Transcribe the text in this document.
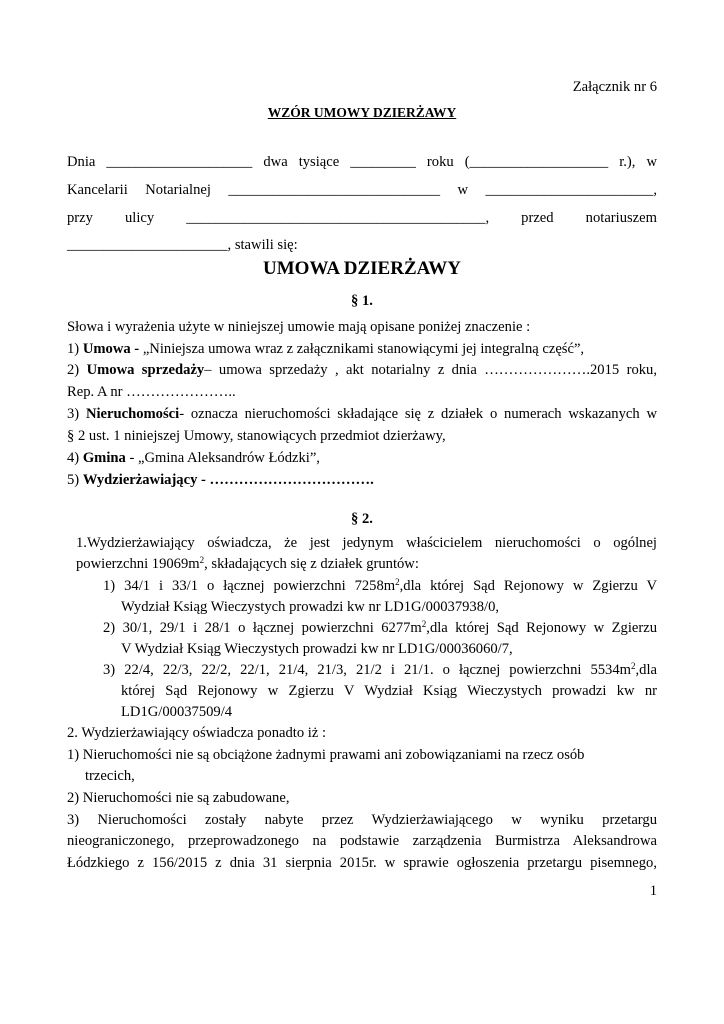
Załącznik nr 6
WZÓR UMOWY DZIERŻAWY
Dnia ____________________ dwa tysiące _________ roku (___________________ r.), w
Kancelarii Notarialnej _____________________________ w _______________________,
przy ulicy _________________________________________, przed notariuszem
______________________, stawili się:
UMOWA DZIERŻAWY
§ 1.
Słowa i wyrażenia użyte w niniejszej umowie mają opisane poniżej znaczenie :
1) Umowa - „Niniejsza umowa wraz z załącznikami stanowiącymi jej integralną część”,
2) Umowa sprzedaży– umowa sprzedaży , akt notarialny z dnia ………………….2015 roku,
Rep. A nr …………………..
3) Nieruchomości- oznacza nieruchomości składające się z działek o numerach wskazanych w
§ 2 ust. 1 niniejszej Umowy, stanowiących przedmiot dzierżawy,
4) Gmina - „Gmina Aleksandrów Łódzki”,
5) Wydzierżawiający - …………………………….
§ 2.
1.Wydzierżawiający oświadcza, że jest jedynym właścicielem nieruchomości o ogólnej
powierzchni $19069m^2$, składających się z działek gruntów:
1) 34/1 i 33/1 o łącznej powierzchni $7258m^2,dla$ której Sąd Rejonowy w Zgierzu V
Wydział Ksiąg Wieczystych prowadzi kw nr LD1G/00037938/0,
2) 30/1, 29/1 i 28/1 o łącznej powierzchni $6277m^2,dla$ której Sąd Rejonowy w Zgierzu
V Wydział Ksiąg Wieczystych prowadzi kw nr LD1G/00036060/7,
3) 22/4, 22/3, 22/2, 22/1, 21/4, 21/3, 21/2 i 21/1. o łącznej powierzchni $5534m^2,dla$
której Sąd Rejonowy w Zgierzu V Wydział Ksiąg Wieczystych prowadzi kw nr
LD1G/00037509/4
2. Wydzierżawiający oświadcza ponadto iż :
1) Nieruchomości nie są obciążone żadnymi prawami ani zobowiązaniami na rzecz osób
trzecich,
2) Nieruchomości nie są zabudowane,
3) Nieruchomości zostały nabyte przez Wydzierżawiającego w wyniku przetargu
nieograniczonego, przeprowadzonego na podstawie zarządzenia Burmistrza Aleksandrowa
Łódzkiego z 156/2015 z dnia 31 sierpnia 2015r. w sprawie ogłoszenia przetargu pisemnego,
1
